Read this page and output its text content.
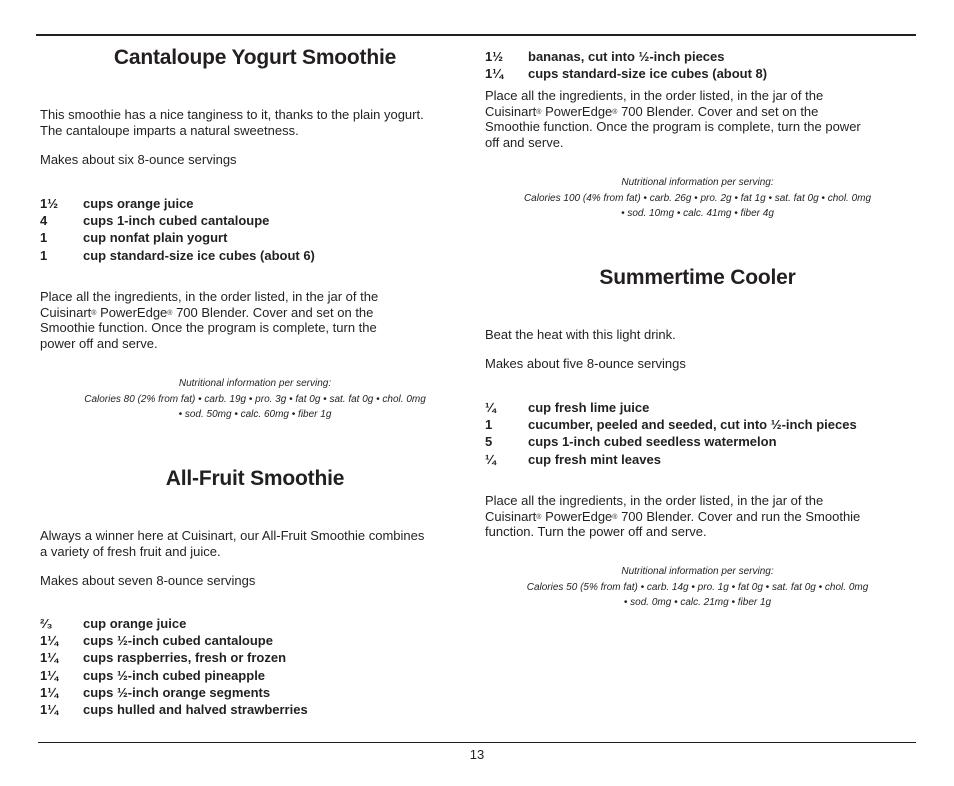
Cantaloupe Yogurt Smoothie

This smoothie has a nice tanginess to it, thanks to the plain yogurt.

The cantaloupe imparts a natural sweetness.

Makes about six 8-ounce servings

1½	cups orange juice
4	cups 1-inch cubed cantaloupe
1	cup nonfat plain yogurt
1	cup standard-size ice cubes (about 6)

Place all the ingredients, in the order listed, in the jar of the

Cuisinart® PowerEdge® 700 Blender. Cover and set on the

Smoothie function. Once the program is complete, turn the

power off and serve.

Nutritional information per serving:
Calories 80 (2% from fat) • carb. 19g • pro. 3g • fat 0g • sat. fat 0g • chol. 0mg
• sod. 50mg • calc. 60mg • fiber 1g
All-Fruit Smoothie

Always a winner here at Cuisinart, our All-Fruit Smoothie combines

a variety of fresh fruit and juice.

Makes about seven 8-ounce servings

²⁄₃	cup orange juice
1¼	cups ½-inch cubed cantaloupe
1¼	cups raspberries, fresh or frozen
1¼	cups ½-inch cubed pineapple
1¼	cups ½-inch orange segments
1¼	cups hulled and halved strawberries
1½	bananas, cut into ½-inch pieces
1¼	cups standard-size ice cubes (about 8)

Place all the ingredients, in the order listed, in the jar of the

Cuisinart® PowerEdge® 700 Blender. Cover and set on the

Smoothie function. Once the program is complete, turn the power

off and serve.

Nutritional information per serving:
Calories 100 (4% from fat) • carb. 26g • pro. 2g • fat 1g • sat. fat 0g • chol. 0mg
• sod. 10mg • calc. 41mg • fiber 4g
Summertime Cooler

Beat the heat with this light drink.

Makes about five 8-ounce servings

¼	cup fresh lime juice
1	cucumber, peeled and seeded, cut into ½-inch pieces
5	cups 1-inch cubed seedless watermelon
¼	cup fresh mint leaves

Place all the ingredients, in the order listed, in the jar of the

Cuisinart® PowerEdge® 700 Blender. Cover and run the Smoothie

function. Turn the power off and serve.

Nutritional information per serving:
Calories 50 (5% from fat) • carb. 14g • pro. 1g • fat 0g • sat. fat 0g • chol. 0mg
• sod. 0mg • calc. 21mg • fiber 1g
13
